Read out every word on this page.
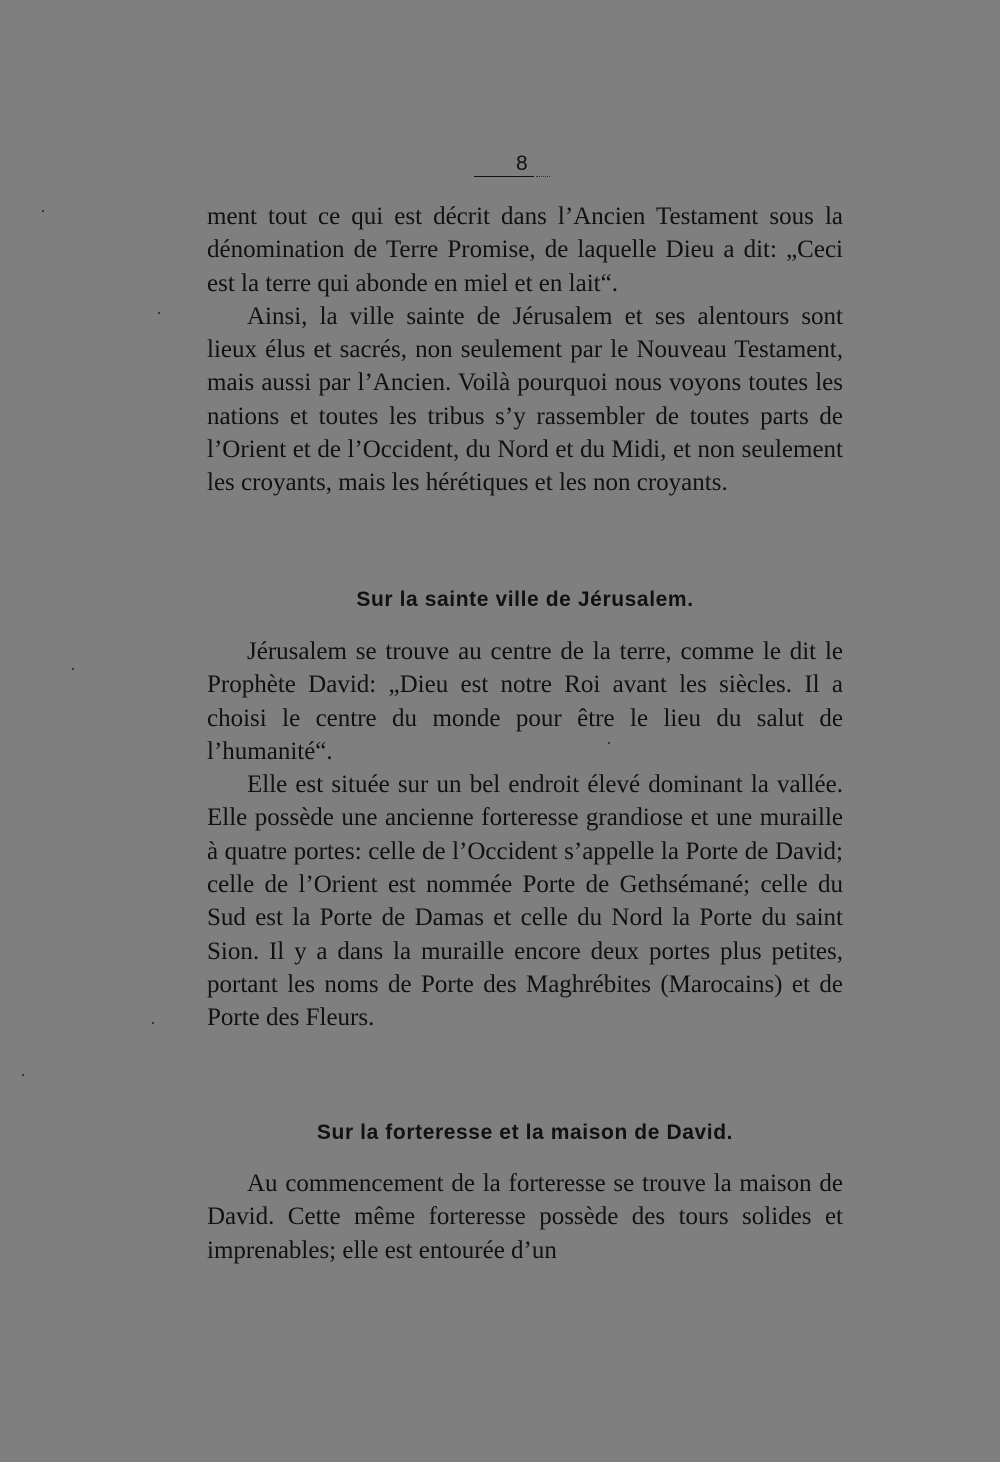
8

ment tout ce qui est décrit dans l’Ancien Testament sous la dénomination de Terre Promise, de laquelle Dieu a dit: „Ceci est la terre qui abonde en miel et en lait“.

Ainsi, la ville sainte de Jérusalem et ses alentours sont lieux élus et sacrés, non seulement par le Nouveau Testament, mais aussi par l’Ancien. Voilà pourquoi nous voyons toutes les nations et toutes les tribus s’y rassembler de toutes parts de l’Orient et de l’Occident, du Nord et du Midi, et non seulement les croyants, mais les hérétiques et les non croyants.

Sur la sainte ville de Jérusalem.

Jérusalem se trouve au centre de la terre, comme le dit le Prophète David: „Dieu est notre Roi avant les siècles. Il a choisi le centre du monde pour être le lieu du salut de l’humanité“.

Elle est située sur un bel endroit élevé dominant la vallée. Elle possède une ancienne forteresse grandiose et une muraille à quatre portes: celle de l’Occident s’appelle la Porte de David; celle de l’Orient est nommée Porte de Gethsémané; celle du Sud est la Porte de Damas et celle du Nord la Porte du saint Sion. Il y a dans la muraille encore deux portes plus petites, portant les noms de Porte des Maghrébites (Marocains) et de Porte des Fleurs.

Sur la forteresse et la maison de David.

Au commencement de la forteresse se trouve la maison de David. Cette même forteresse possède des tours solides et imprenables; elle est entourée d’un
